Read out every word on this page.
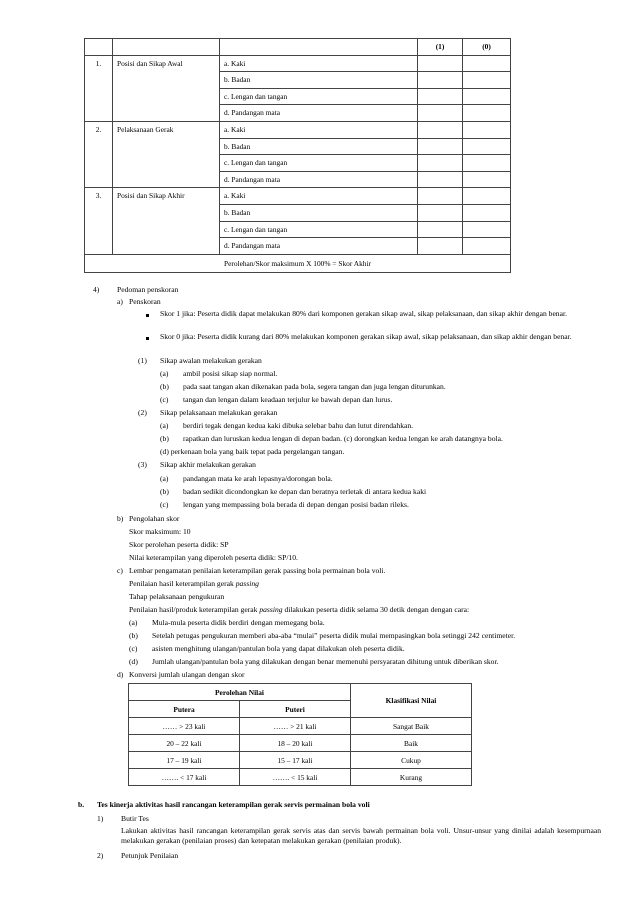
			(1)	(0)
1.	Posisi dan Sikap Awal	a. Kaki		
		b. Badan		
		c. Lengan dan tangan		
		d. Pandangan mata		
2.	Pelaksanaan Gerak	a. Kaki		
		b. Badan		
		c. Lengan dan tangan		
		d. Pandangan mata		
3.	Posisi dan Sikap Akhir	a. Kaki		
		b. Badan		
		c. Lengan dan tangan		
		d. Pandangan mata		
Perolehan/Skor maksimum X 100% = Skor Akhir				
4) Pedoman penskoran
a) Penskoran
Skor 1 jika: Peserta didik dapat melakukan 80% dari komponen gerakan sikap awal, sikap pelaksanaan, dan sikap akhir dengan benar.
Skor 0 jika: Peserta didik kurang dari 80% melakukan komponen gerakan sikap awal, sikap pelaksanaan, dan sikap akhir dengan benar.
(1) Sikap awalan melakukan gerakan
(a) ambil posisi sikap siap normal.
(b) pada saat tangan akan dikenakan pada bola, segera tangan dan juga lengan diturunkan.
(c) tangan dan lengan dalam keadaan terjulur ke bawah depan dan lurus.
(2) Sikap pelaksanaan melakukan gerakan
(a) berdiri tegak dengan kedua kaki dibuka selebar bahu dan lutut direndahkan.
(b) rapatkan dan luruskan kedua lengan di depan badan. (c) dorongkan kedua lengan ke arah datangnya bola.
(d) perkenaan bola yang baik tepat pada pergelangan tangan.
(3) Sikap akhir melakukan gerakan
(a) pandangan mata ke arah lepasnya/dorongan bola.
(b) badan sedikit dicondongkan ke depan dan beratnya terletak di antara kedua kaki
(c) lengan yang mempassing bola berada di depan dengan posisi badan rileks.
b) Pengolahan skor
Skor maksimum: 10
Skor perolehan peserta didik: SP
Nilai keterampilan yang diperoleh peserta didik: SP/10.
c) Lembar pengamatan penilaian keterampilan gerak passing bola permainan bola voli.
Penilaian hasil keterampilan gerak passing
Tahap pelaksanaan pengukuran
Penilaian hasil/produk keterampilan gerak passing dilakukan peserta didik selama 30 detik dengan dengan cara:
(a) Mula-mula peserta didik berdiri dengan memegang bola.
(b) Setelah petugas pengukuran memberi aba-aba “mulai” peserta didik mulai mempasingkan bola setinggi 242 centimeter.
(c) asisten menghitung ulangan/pantulan bola yang dapat dilakukan oleh peserta didik.
(d) Jumlah ulangan/pantulan bola yang dilakukan dengan benar memenuhi persyaratan dihitung untuk diberikan skor.
d) Konversi jumlah ulangan dengan skor
Perolehan Nilai		Klasifikasi Nilai
Putera	Puteri	
…… > 23 kali	…… > 21 kali	Sangat Baik
20 – 22 kali	18 – 20 kali	Baik
17 – 19 kali	15 – 17 kali	Cukup
……. < 17 kali	……. < 15 kali	Kurang
b. Tes kinerja aktivitas hasil rancangan keterampilan gerak servis permainan bola voli
1) Butir Tes
Lakukan aktivitas hasil rancangan keterampilan gerak servis atas dan servis bawah permainan bola voli. Unsur-unsur yang dinilai adalah kesempurnaan melakukan gerakan (penilaian proses) dan ketepatan melakukan gerakan (penilaian produk).
2) Petunjuk Penilaian
